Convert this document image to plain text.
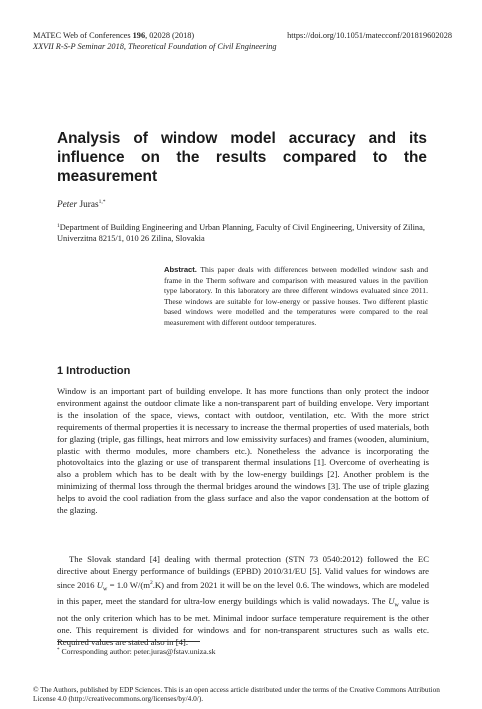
MATEC Web of Conferences 196, 02028 (2018)	https://doi.org/10.1051/matecconf/201819602028
XXVII R-S-P Seminar 2018, Theoretical Foundation of Civil Engineering
Analysis of window model accuracy and its influence on the results compared to the measurement
Peter Juras$^{1,*}$
$^1$Department of Building Engineering and Urban Planning, Faculty of Civil Engineering, University of Zilina, Univerzitna 8215/1, 010 26 Zilina, Slovakia
Abstract. This paper deals with differences between modelled window sash and frame in the Therm software and comparison with measured values in the pavilion type laboratory. In this laboratory are three different windows evaluated since 2011. These windows are suitable for low-energy or passive houses. Two different plastic based windows were modelled and the temperatures were compared to the real measurement with different outdoor temperatures.
1 Introduction
Window is an important part of building envelope. It has more functions than only protect the indoor environment against the outdoor climate like a non-transparent part of building envelope. Very important is the insolation of the space, views, contact with outdoor, ventilation, etc. With the more strict requirements of thermal properties it is necessary to increase the thermal properties of used materials, both for glazing (triple, gas fillings, heat mirrors and low emissivity surfaces) and frames (wooden, aluminium, plastic with thermo modules, more chambers etc.). Nonetheless the advance is incorporating the photovoltaics into the glazing or use of transparent thermal insulations [1]. Overcome of overheating is also a problem which has to be dealt with by the low-energy buildings [2]. Another problem is the minimizing of thermal loss through the thermal bridges around the windows [3]. The use of triple glazing helps to avoid the cool radiation from the glass surface and also the vapor condensation at the bottom of the glazing.
The Slovak standard [4] dealing with thermal protection (STN 73 0540:2012) followed the EC directive about Energy performance of buildings (EPBD) 2010/31/EU [5]. Valid values for windows are since 2016 $U_w = 1.0$ $W/(m^2.K)$ and from 2021 it will be on the level 0.6. The windows, which are modeled in this paper, meet the standard for ultra-low energy buildings which is valid nowadays. The $U_w$ value is not the only criterion which has to be met. Minimal indoor surface temperature requirement is the other one. This requirement is divided for windows and for non-transparent structures such as walls etc. Required values are stated also in [4].
* Corresponding author: peter.juras@fstav.uniza.sk
© The Authors, published by EDP Sciences. This is an open access article distributed under the terms of the Creative Commons Attribution License 4.0 (http://creativecommons.org/licenses/by/4.0/).
